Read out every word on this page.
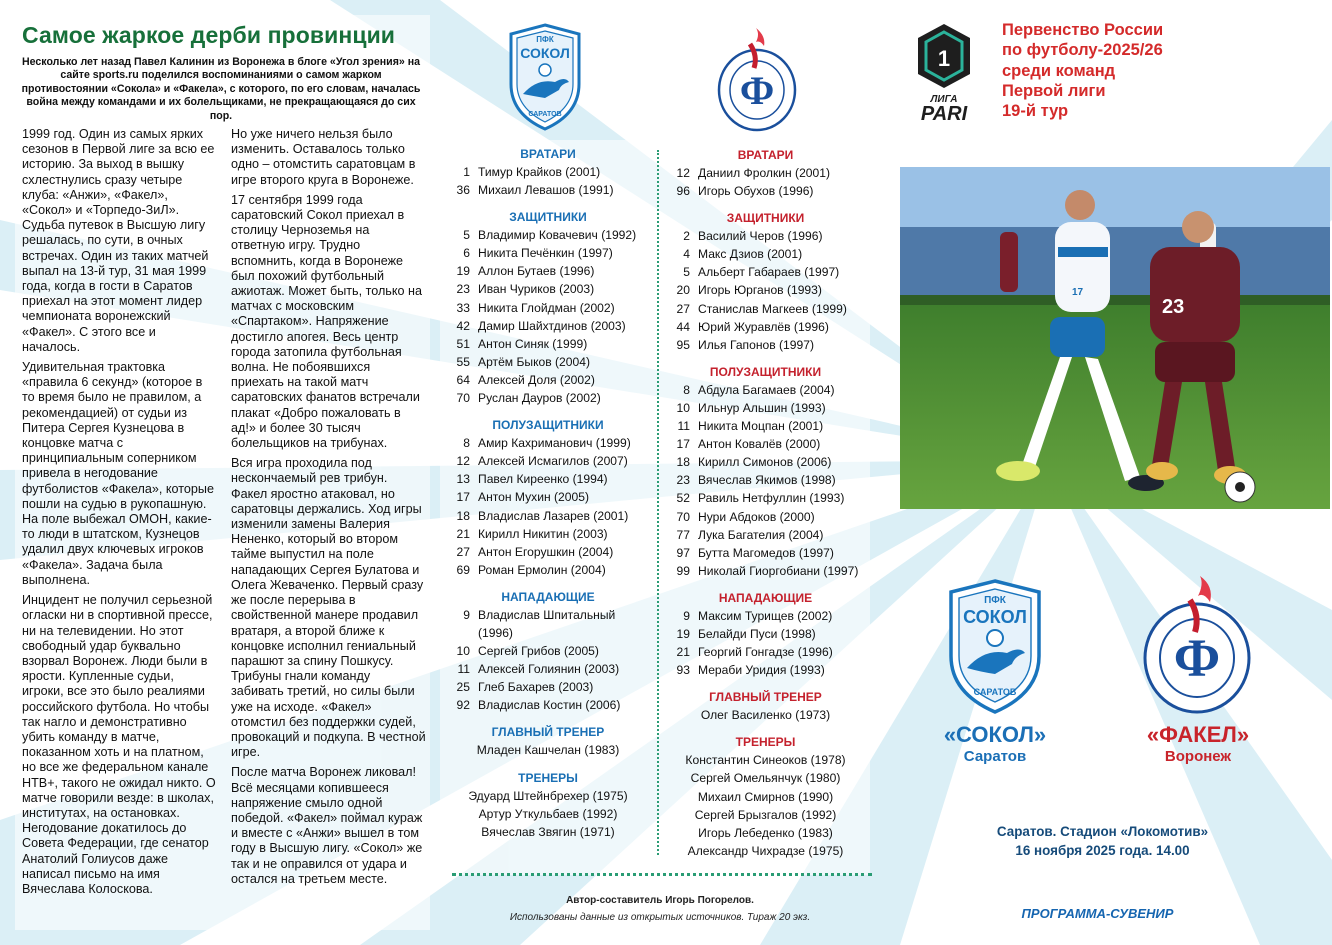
Самое жаркое дерби провинции
Несколько лет назад Павел Калинин из Воронежа в блоге «Угол зрения» на сайте sports.ru поделился воспоминаниями о самом жарком противостоянии «Сокола» и «Факела», с которого, по его словам, началась война между командами и их болельщиками, не прекращающаяся до сих пор.

1999 год. Один из самых ярких сезонов в Первой лиге за всю ее историю. За выход в вышку схлестнулись сразу четыре клуба: «Анжи», «Факел», «Сокол» и «Торпедо-ЗиЛ». Судьба путевок в Высшую лигу решалась, по сути, в очных встречах. Один из таких матчей выпал на 13-й тур, 31 мая 1999 года, когда в гости в Саратов приехал на этот момент лидер чемпионата воронежский «Факел». С этого все и началось.

Удивительная трактовка «правила 6 секунд» (которое в то время было не правилом, а рекомендацией) от судьи из Питера Сергея Кузнецова в концовке матча с принципиальным соперником привела в негодование футболистов «Факела», которые пошли на судью в рукопашную. На поле выбежал ОМОН, какие-то люди в штатском, Кузнецов удалил двух ключевых игроков «Факела». Задача была выполнена.

Инцидент не получил серьезной огласки ни в спортивной прессе, ни на телевидении. Но этот свободный удар буквально взорвал Воронеж. Люди были в ярости. Купленные судьи, игроки, все это было реалиями российского футбола. Но чтобы так нагло и демонстративно убить команду в матче, показанном хоть и на платном, но все же федеральном канале НТВ+, такого не ожидал никто. О матче говорили везде: в школах, институтах, на остановках. Негодование докатилось до Совета Федерации, где сенатор Анатолий Голиусов даже написал письмо на имя Вячеслава Колоскова.

Но уже ничего нельзя было изменить. Оставалось только одно – отомстить саратовцам в игре второго круга в Воронеже.

17 сентября 1999 года саратовский Сокол приехал в столицу Черноземья на ответную игру. Трудно вспомнить, когда в Воронеже был похожий футбольный ажиотаж. Может быть, только на матчах с московским «Спартаком». Напряжение достигло апогея. Весь центр города затопила футбольная волна. Не побоявшихся приехать на такой матч саратовских фанатов встречали плакат «Добро пожаловать в ад!» и более 30 тысяч болельщиков на трибунах.

Вся игра проходила под нескончаемый рев трибун. Факел яростно атаковал, но саратовцы держались. Ход игры изменили замены Валерия Нененко, который во втором тайме выпустил на поле нападающих Сергея Булатова и Олега Жеваченко. Первый сразу же после перерыва в свойственной манере продавил вратаря, а второй ближе к концовке исполнил гениальный парашют за спину Пошкусу. Трибуны гнали команду забивать третий, но силы были уже на исходе. «Факел» отомстил без поддержки судей, провокаций и подкупа. В честной игре.

После матча Воронеж ликовал! Всё месяцами копившееся напряжение смыло одной победой. «Факел» поймал кураж и вместе с «Анжи» вышел в том году в Высшую лигу. «Сокол» же так и не оправился от удара и остался на третьем месте.

ПФК
СОКОЛ
САРАТОВ
Ф
ВРАТАРИ
1 Тимур Крайков (2001)
36 Михаил Левашов (1991)
ЗАЩИТНИКИ
5 Владимир Ковачевич (1992)
6 Никита Печёнкин (1997)
19 Аллон Бутаев (1996)
23 Иван Чуриков (2003)
33 Никита Глойдман (2002)
42 Дамир Шайхтдинов (2003)
51 Антон Синяк (1999)
55 Артём Быков (2004)
64 Алексей Доля (2002)
70 Руслан Дауров (2002)
ПОЛУЗАЩИТНИКИ
8 Амир Кахриманович (1999)
12 Алексей Исмагилов (2007)
13 Павел Киреенко (1994)
17 Антон Мухин (2005)
18 Владислав Лазарев (2001)
21 Кирилл Никитин (2003)
27 Антон Егорушкин (2004)
69 Роман Ермолин (2004)
НАПАДАЮЩИЕ
9 Владислав Шпитальный (1996)
10 Сергей Грибов (2005)
11 Алексей Голиянин (2003)
25 Глеб Бахарев (2003)
92 Владислав Костин (2006)
ГЛАВНЫЙ ТРЕНЕР
Младен Кашчелан (1983)
ТРЕНЕРЫ
Эдуард Штейнбрехер (1975)
Артур Уткульбаев (1992)
Вячеслав Звягин (1971)
ВРАТАРИ
12 Даниил Фролкин (2001)
96 Игорь Обухов (1996)
ЗАЩИТНИКИ
2 Василий Черов (1996)
4 Макс Дзиов (2001)
5 Альберт Габараев (1997)
20 Игорь Юрганов (1993)
27 Станислав Магкеев (1999)
44 Юрий Журавлёв (1996)
95 Илья Гапонов (1997)
ПОЛУЗАЩИТНИКИ
8 Абдула Багамаев (2004)
10 Ильнур Альшин (1993)
11 Никита Моцпан (2001)
17 Антон Ковалёв (2000)
18 Кирилл Симонов (2006)
23 Вячеслав Якимов (1998)
52 Равиль Нетфуллин (1993)
70 Нури Абдоков (2000)
77 Лука Багателия (2004)
97 Бутта Магомедов (1997)
99 Николай Гиоргобиани (1997)
НАПАДАЮЩИЕ
9 Максим Турищев (2002)
19 Белайди Пуси (1998)
21 Георгий Гонгадзе (1996)
93 Мераби Уридия (1993)
ГЛАВНЫЙ ТРЕНЕР
Олег Василенко (1973)
ТРЕНЕРЫ
Константин Синеоков (1978)
Сергей Омельянчук (1980)
Михаил Смирнов (1990)
Сергей Брызгалов (1992)
Игорь Лебеденко (1983)
Александр Чихрадзе (1975)
Автор-составитель Игорь Погорелов.
Использованы данные из открытых источников. Тираж 20 экз.
1
ЛИГА
PARI
Первенство России
по футболу-2025/26
среди команд
Первой лиги
19-й тур
17
23
ПФК
СОКОЛ
САРАТОВ
Ф
«СОКОЛ»
Саратов
«ФАКЕЛ»
Воронеж
Саратов. Стадион «Локомотив»
16 ноября 2025 года. 14.00
ПРОГРАММА-СУВЕНИР
